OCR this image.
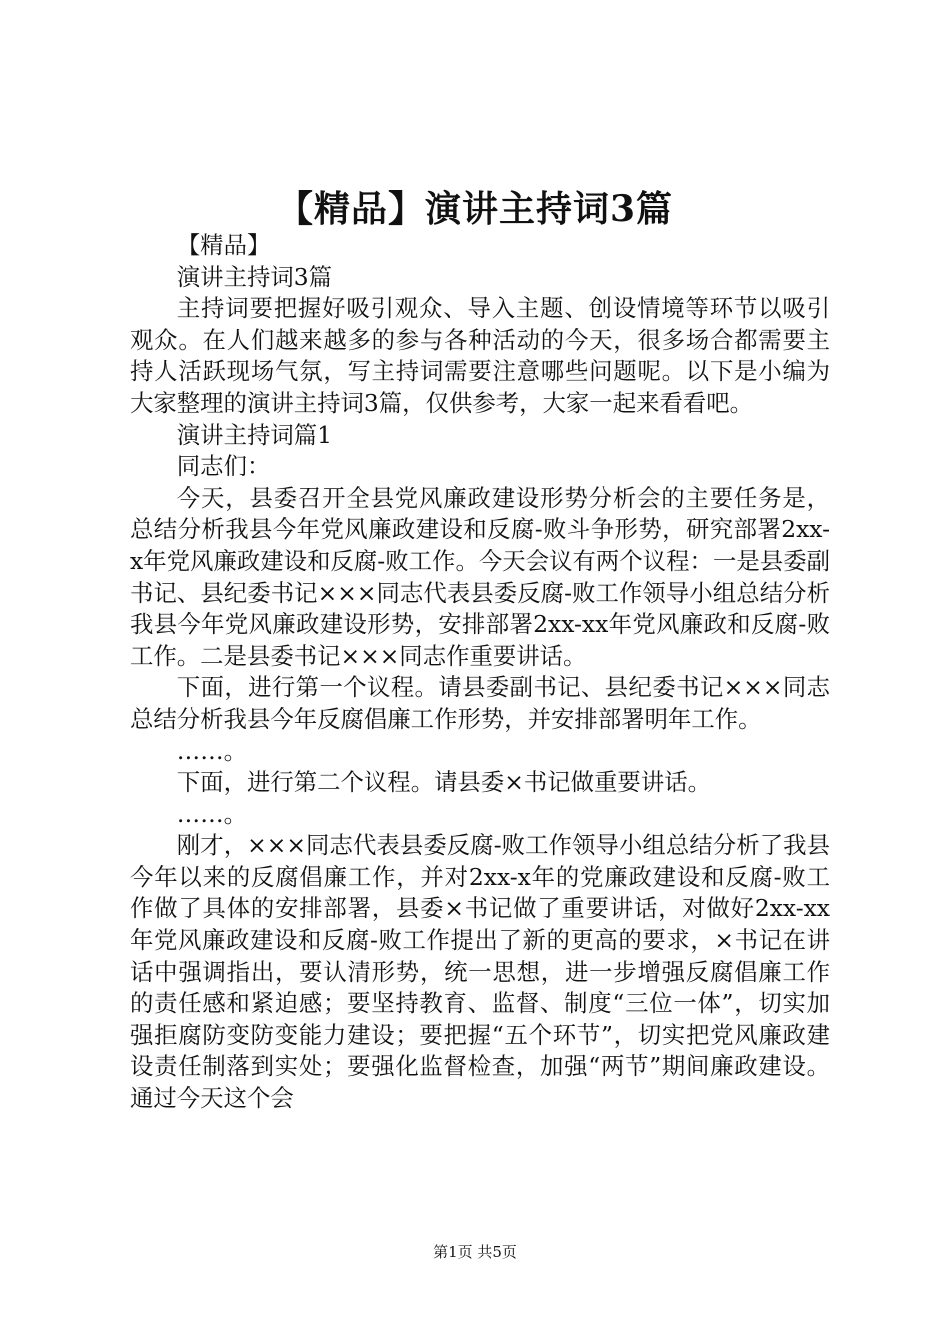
【精品】演讲主持词3篇

【精品】

演讲主持词3篇

主持词要把握好吸引观众、导入主题、创设情境等环节以吸引观众。在人们越来越多的参与各种活动的今天，很多场合都需要主持人活跃现场气氛，写主持词需要注意哪些问题呢。以下是小编为大家整理的演讲主持词3篇，仅供参考，大家一起来看看吧。

演讲主持词篇1

同志们：

今天，县委召开全县党风廉政建设形势分析会的主要任务是，总结分析我县今年党风廉政建设和反腐-败斗争形势，研究部署2xx-x年党风廉政建设和反腐-败工作。今天会议有两个议程：一是县委副书记、县纪委书记×××同志代表县委反腐-败工作领导小组总结分析我县今年党风廉政建设形势，安排部署2xx-xx年党风廉政和反腐-败工作。二是县委书记×××同志作重要讲话。

下面，进行第一个议程。请县委副书记、县纪委书记×××同志总结分析我县今年反腐倡廉工作形势，并安排部署明年工作。

……。

下面，进行第二个议程。请县委×书记做重要讲话。

……。

刚才，×××同志代表县委反腐-败工作领导小组总结分析了我县今年以来的反腐倡廉工作，并对2xx-x年的党廉政建设和反腐-败工作做了具体的安排部署，县委×书记做了重要讲话，对做好2xx-xx年党风廉政建设和反腐-败工作提出了新的更高的要求，×书记在讲话中强调指出，要认清形势，统一思想，进一步增强反腐倡廉工作的责任感和紧迫感；要坚持教育、监督、制度“三位一体”，切实加强拒腐防变防变能力建设；要把握“五个环节”，切实把党风廉政建设责任制落到实处；要强化监督检查，加强“两节”期间廉政建设。通过今天这个会

第1页 共5页
